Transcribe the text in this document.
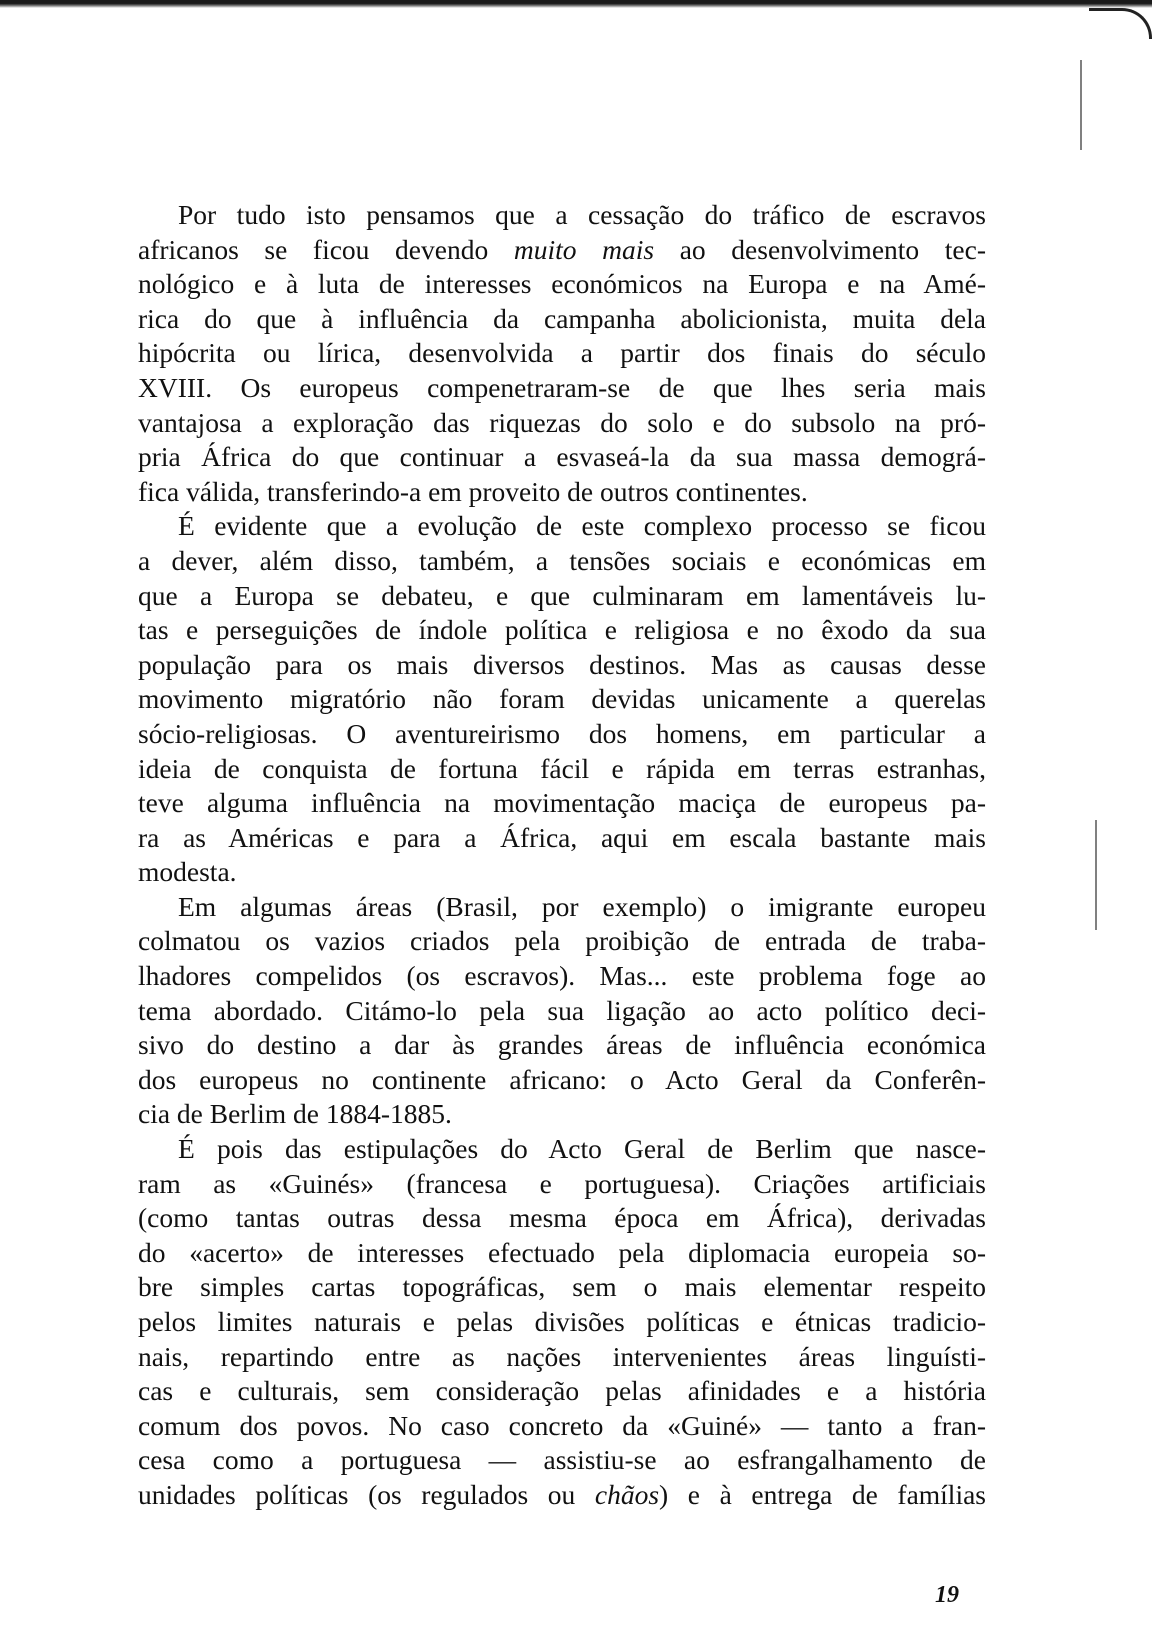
Por tudo isto pensamos que a cessação do tráfico de escravos
africanos se ficou devendo muito mais ao desenvolvimento tec-
nológico e à luta de interesses económicos na Europa e na Amé-
rica do que à influência da campanha abolicionista, muita dela
hipócrita ou lírica, desenvolvida a partir dos finais do século
XVIII. Os europeus compenetraram-se de que lhes seria mais
vantajosa a exploração das riquezas do solo e do subsolo na pró-
pria África do que continuar a esvaseá-la da sua massa demográ-
fica válida, transferindo-a em proveito de outros continentes.
É evidente que a evolução de este complexo processo se ficou
a dever, além disso, também, a tensões sociais e económicas em
que a Europa se debateu, e que culminaram em lamentáveis lu-
tas e perseguições de índole política e religiosa e no êxodo da sua
população para os mais diversos destinos. Mas as causas desse
movimento migratório não foram devidas unicamente a querelas
sócio-religiosas. O aventureirismo dos homens, em particular a
ideia de conquista de fortuna fácil e rápida em terras estranhas,
teve alguma influência na movimentação maciça de europeus pa-
ra as Américas e para a África, aqui em escala bastante mais
modesta.
Em algumas áreas (Brasil, por exemplo) o imigrante europeu
colmatou os vazios criados pela proibição de entrada de traba-
lhadores compelidos (os escravos). Mas... este problema foge ao
tema abordado. Citámo-lo pela sua ligação ao acto político deci-
sivo do destino a dar às grandes áreas de influência económica
dos europeus no continente africano: o Acto Geral da Conferên-
cia de Berlim de 1884-1885.
É pois das estipulações do Acto Geral de Berlim que nasce-
ram as «Guinés» (francesa e portuguesa). Criações artificiais
(como tantas outras dessa mesma época em África), derivadas
do «acerto» de interesses efectuado pela diplomacia europeia so-
bre simples cartas topográficas, sem o mais elementar respeito
pelos limites naturais e pelas divisões políticas e étnicas tradicio-
nais, repartindo entre as nações intervenientes áreas linguísti-
cas e culturais, sem consideração pelas afinidades e a história
comum dos povos. No caso concreto da «Guiné» — tanto a fran-
cesa como a portuguesa — assistiu-se ao esfrangalhamento de
unidades políticas (os regulados ou chãos) e à entrega de famílias
19
